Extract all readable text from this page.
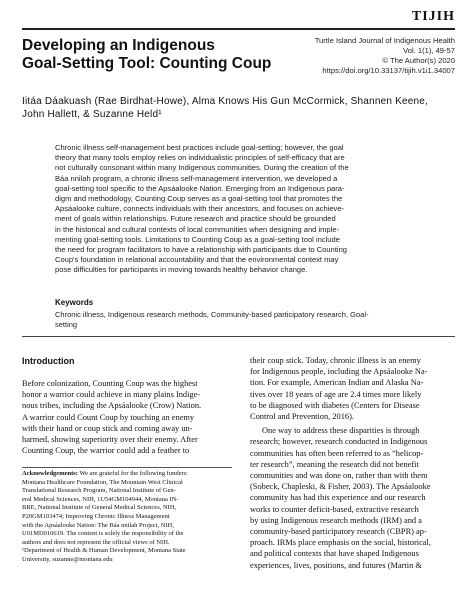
TIJIH
Developing an Indigenous
Goal-Setting Tool: Counting Coup
Turtle Island Journal of Indigenous Health
Vol. 1(1), 49-57
© The Author(s) 2020
https://doi.org/10.33137/tijih.v1i1.34007
Iitáa Dáakuash (Rae Birdhat-Howe), Alma Knows His Gun McCormick, Shannen Keene, John Hallett, & Suzanne Held¹
Chronic illness self-management best practices include goal-setting; however, the goal
theory that many tools employ relies on individualistic principles of self-efficacy that are
not culturally consonant within many Indigenous communities. During the creation of the
Báa nnilah program, a chronic illness self-management intervention, we developed a
goal-setting tool specific to the Apsáalooke Nation. Emerging from an Indigenous para-
digm and methodology, Counting Coup serves as a goal-setting tool that promotes the
Apsáalooke culture, connects individuals with their ancestors, and focuses on achieve-
ment of goals within relationships. Future research and practice should be grounded
in the historical and cultural contexts of local communities when designing and imple-
menting goal-setting tools. Limitations to Counting Coup as a goal-setting tool include
the need for program facilitators to have a relationship with participants due to Counting
Coup's foundation in relational accountability and that the environmental context may
pose difficulties for participants in moving towards healthy behavior change.
Keywords
Chronic illness, Indigenous research methods, Community-based participatory research, Goal-
setting
Introduction
Before colonization, Counting Coup was the highest
honor a warrior could achieve in many plains Indige-
nous tribes, including the Apsáalooke (Crow) Nation.
A warrior could Count Coup by touching an enemy
with their hand or coup stick and coming away un-
harmed, showing superiority over their enemy. After
Counting Coup, the warrior could add a feather to
Acknowledgements: We are grateful for the following funders:
Montana Healthcare Foundation, The Mountain West Clinical
Translational Research Program, National Institute of Gen-
eral Medical Sciences, NIH, 1U54GM104944, Montana IN-
BRE, National Institute of General Medical Sciences, NIH,
P20GM103474; Improving Chronic Illness Management
with the Apsáalooke Nation: The Báa nnilah Project, NIH,
U01MD010619. The content is solely the responsibility of the
authors and does not represent the official views of NIH.
¹Department of Health & Human Development, Montana State
University, suzanne@montana.edu
their coup stick. Today, chronic illness is an enemy
for Indigenous people, including the Apsáalooke Na-
tion. For example, American Indian and Alaska Na-
tives over 18 years of age are 2.4 times more likely
to be diagnosed with diabetes (Centers for Disease
Control and Prevention, 2016).
One way to address these disparities is through
research; however, research conducted in Indigenous
communities has often been referred to as “helicop-
ter research”, meaning the research did not benefit
communities and was done on, rather than with them
(Sobeck, Chapleski, & Fisher, 2003). The Apsáalooke
community has had this experience and our research
works to counter deficit-based, extractive research
by using Indigenous research methods (IRM) and a
community-based participatory research (CBPR) ap-
proach. IRMs place emphasis on the social, historical,
and political contexts that have shaped Indigenous
experiences, lives, positions, and futures (Martin &
